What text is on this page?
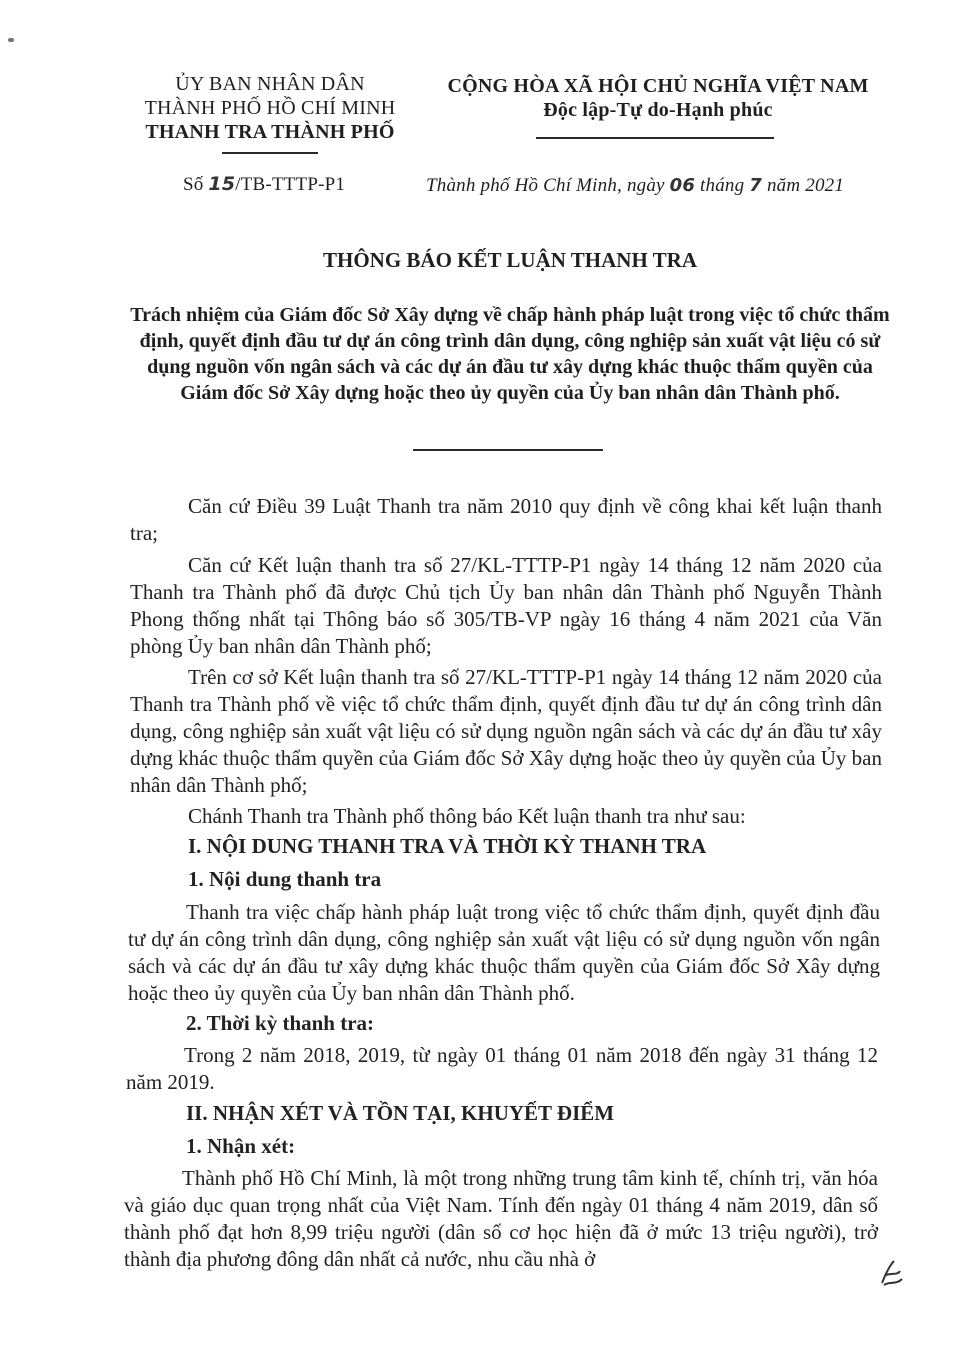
ỦY BAN NHÂN DÂN
THÀNH PHỐ HỒ CHÍ MINH
THANH TRA THÀNH PHỐ
CỘNG HÒA XÃ HỘI CHỦ NGHĨA VIỆT NAM
Độc lập-Tự do-Hạnh phúc
Số 15/TB-TTTP-P1	Thành phố Hồ Chí Minh, ngày 06 tháng 7 năm 2021
THÔNG BÁO KẾT LUẬN THANH TRA
Trách nhiệm của Giám đốc Sở Xây dựng về chấp hành pháp luật trong việc tổ chức thẩm định, quyết định đầu tư dự án công trình dân dụng, công nghiệp sản xuất vật liệu có sử dụng nguồn vốn ngân sách và các dự án đầu tư xây dựng khác thuộc thẩm quyền của Giám đốc Sở Xây dựng hoặc theo ủy quyền của Ủy ban nhân dân Thành phố.
Căn cứ Điều 39 Luật Thanh tra năm 2010 quy định về công khai kết luận thanh tra;
Căn cứ Kết luận thanh tra số 27/KL-TTTP-P1 ngày 14 tháng 12 năm 2020 của Thanh tra Thành phố đã được Chủ tịch Ủy ban nhân dân Thành phố Nguyễn Thành Phong thống nhất tại Thông báo số 305/TB-VP ngày 16 tháng 4 năm 2021 của Văn phòng Ủy ban nhân dân Thành phố;
Trên cơ sở Kết luận thanh tra số 27/KL-TTTP-P1 ngày 14 tháng 12 năm 2020 của Thanh tra Thành phố về việc tổ chức thẩm định, quyết định đầu tư dự án công trình dân dụng, công nghiệp sản xuất vật liệu có sử dụng nguồn ngân sách và các dự án đầu tư xây dựng khác thuộc thẩm quyền của Giám đốc Sở Xây dựng hoặc theo ủy quyền của Ủy ban nhân dân Thành phố;
Chánh Thanh tra Thành phố thông báo Kết luận thanh tra như sau:
I. NỘI DUNG THANH TRA VÀ THỜI KỲ THANH TRA
1. Nội dung thanh tra
Thanh tra việc chấp hành pháp luật trong việc tổ chức thẩm định, quyết định đầu tư dự án công trình dân dụng, công nghiệp sản xuất vật liệu có sử dụng nguồn vốn ngân sách và các dự án đầu tư xây dựng khác thuộc thẩm quyền của Giám đốc Sở Xây dựng hoặc theo ủy quyền của Ủy ban nhân dân Thành phố.
2. Thời kỳ thanh tra:
Trong 2 năm 2018, 2019, từ ngày 01 tháng 01 năm 2018 đến ngày 31 tháng 12 năm 2019.
II. NHẬN XÉT VÀ TỒN TẠI, KHUYẾT ĐIỂM
1. Nhận xét:
Thành phố Hồ Chí Minh, là một trong những trung tâm kinh tế, chính trị, văn hóa và giáo dục quan trọng nhất của Việt Nam. Tính đến ngày 01 tháng 4 năm 2019, dân số thành phố đạt hơn 8,99 triệu người (dân số cơ học hiện đã ở mức 13 triệu người), trở thành địa phương đông dân nhất cả nước, nhu cầu nhà ở
